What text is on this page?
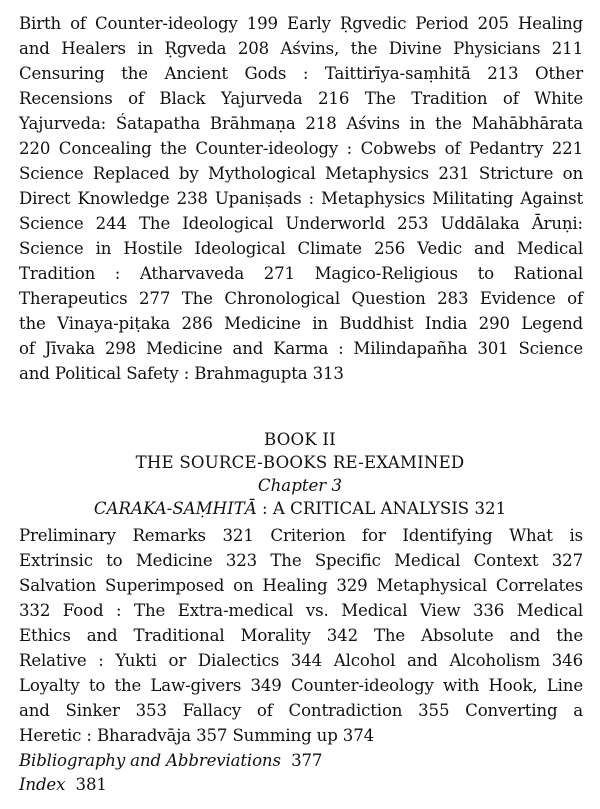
Birth of Counter-ideology 199 Early Ṛgvedic Period 205 Healing
and Healers in Ṛgveda 208 Aśvins, the Divine Physicians 211
Censuring the Ancient Gods : Taittirīya-saṃhitā 213 Other
Recensions of Black Yajurveda 216 The Tradition of White
Yajurveda: Śatapatha Brāhmaṇa 218 Aśvins in the Mahābhārata
220 Concealing the Counter-ideology : Cobwebs of Pedantry 221
Science Replaced by Mythological Metaphysics 231 Stricture on
Direct Knowledge 238 Upaniṣads : Metaphysics Militating Against
Science 244 The Ideological Underworld 253 Uddālaka Āruṇi:
Science in Hostile Ideological Climate 256 Vedic and Medical
Tradition : Atharvaveda 271 Magico-Religious to Rational
Therapeutics 277 The Chronological Question 283 Evidence of
the Vinaya-piṭaka 286 Medicine in Buddhist India 290 Legend
of Jīvaka 298 Medicine and Karma : Milindapañha 301 Science
and Political Safety : Brahmagupta 313
BOOK II
THE SOURCE-BOOKS RE-EXAMINED
Chapter 3
CARAKA-SAṂHITĀ : A CRITICAL ANALYSIS 321
Preliminary Remarks 321 Criterion for Identifying What is
Extrinsic to Medicine 323 The Specific Medical Context 327
Salvation Superimposed on Healing 329 Metaphysical Correlates
332 Food : The Extra-medical vs. Medical View 336 Medical
Ethics and Traditional Morality 342 The Absolute and the
Relative : Yukti or Dialectics 344 Alcohol and Alcoholism 346
Loyalty to the Law-givers 349 Counter-ideology with Hook, Line
and Sinker 353 Fallacy of Contradiction 355 Converting a
Heretic : Bharadvāja 357 Summing up 374
Bibliography and Abbreviations 377
Index 381
